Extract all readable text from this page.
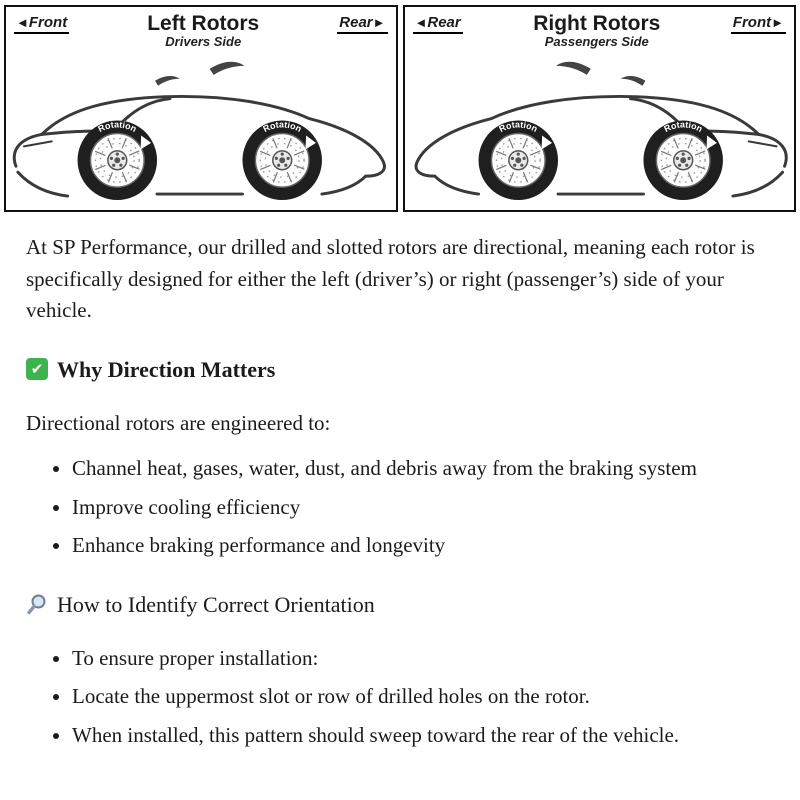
◄Front	Left Rotors
Drivers Side
Rear► ◄Rear	Right Rotors
Passengers Side
Front►

At SP Performance, our drilled and slotted rotors are directional, meaning each rotor is specifically designed for either the left (driver’s) or right (passenger’s) side of your vehicle.

✔ Why Direction Matters

Directional rotors are engineered to:

• Channel heat, gases, water, dust, and debris away from the braking system
• Improve cooling efficiency
• Enhance braking performance and longevity
How to Identify Correct Orientation
• To ensure proper installation:
• Locate the uppermost slot or row of drilled holes on the rotor.
• When installed, this pattern should sweep toward the rear of the vehicle.
